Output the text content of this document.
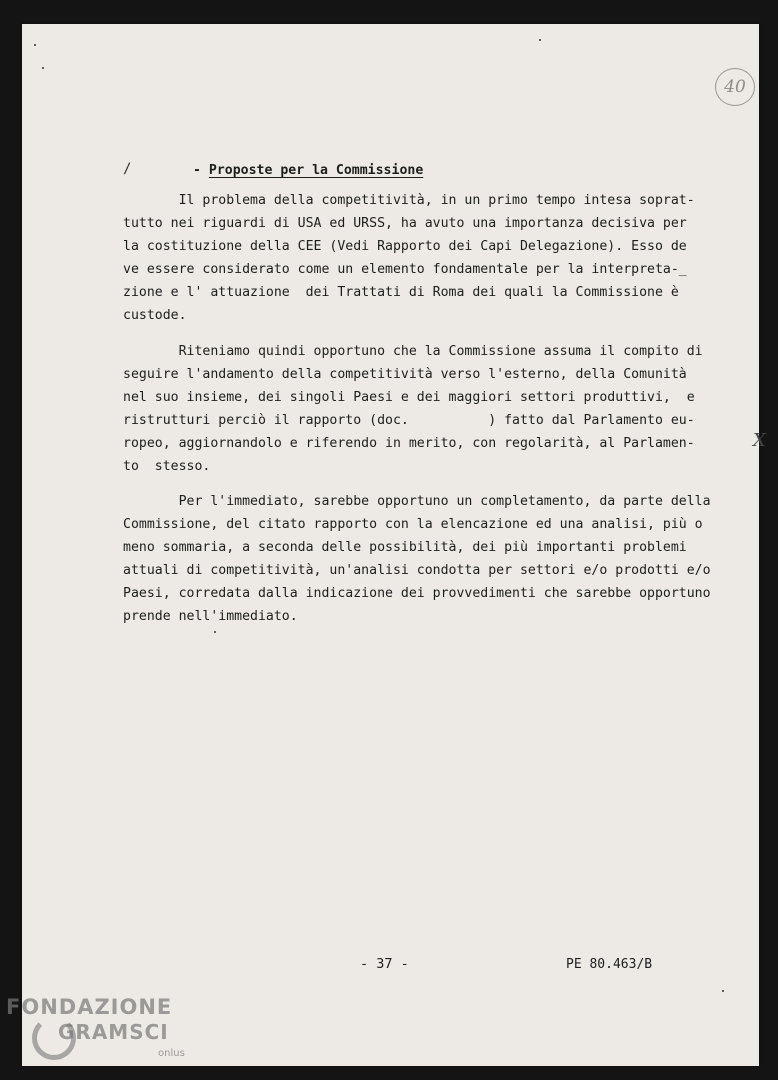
40
/
X
- Proposte per la Commissione
Il problema della competitività, in un primo tempo intesa soprat-
tutto nei riguardi di USA ed URSS, ha avuto una importanza decisiva per
la costituzione della CEE (Vedi Rapporto dei Capi Delegazione). Esso de
ve essere considerato come un elemento fondamentale per la interpreta-_
zione e l' attuazione  dei Trattati di Roma dei quali la Commissione è
custode.
Riteniamo quindi opportuno che la Commissione assuma il compito di
seguire l'andamento della competitività verso l'esterno, della Comunità
nel suo insieme, dei singoli Paesi e dei maggiori settori produttivi,  e
ristrutturi perciò il rapporto (doc.          ) fatto dal Parlamento eu-
ropeo, aggiornandolo e riferendo in merito, con regolarità, al Parlamen-
to  stesso.
Per l'immediato, sarebbe opportuno un completamento, da parte della
Commissione, del citato rapporto con la elencazione ed una analisi, più o
meno sommaria, a seconda delle possibilità, dei più importanti problemi
attuali di competitività, un'analisi condotta per settori e/o prodotti e/o
Paesi, corredata dalla indicazione dei provvedimenti che sarebbe opportuno
prende nell'immediato.
- 37 -	PE 80.463/B
FONDAZIONE
GRAMSCI
onlus
